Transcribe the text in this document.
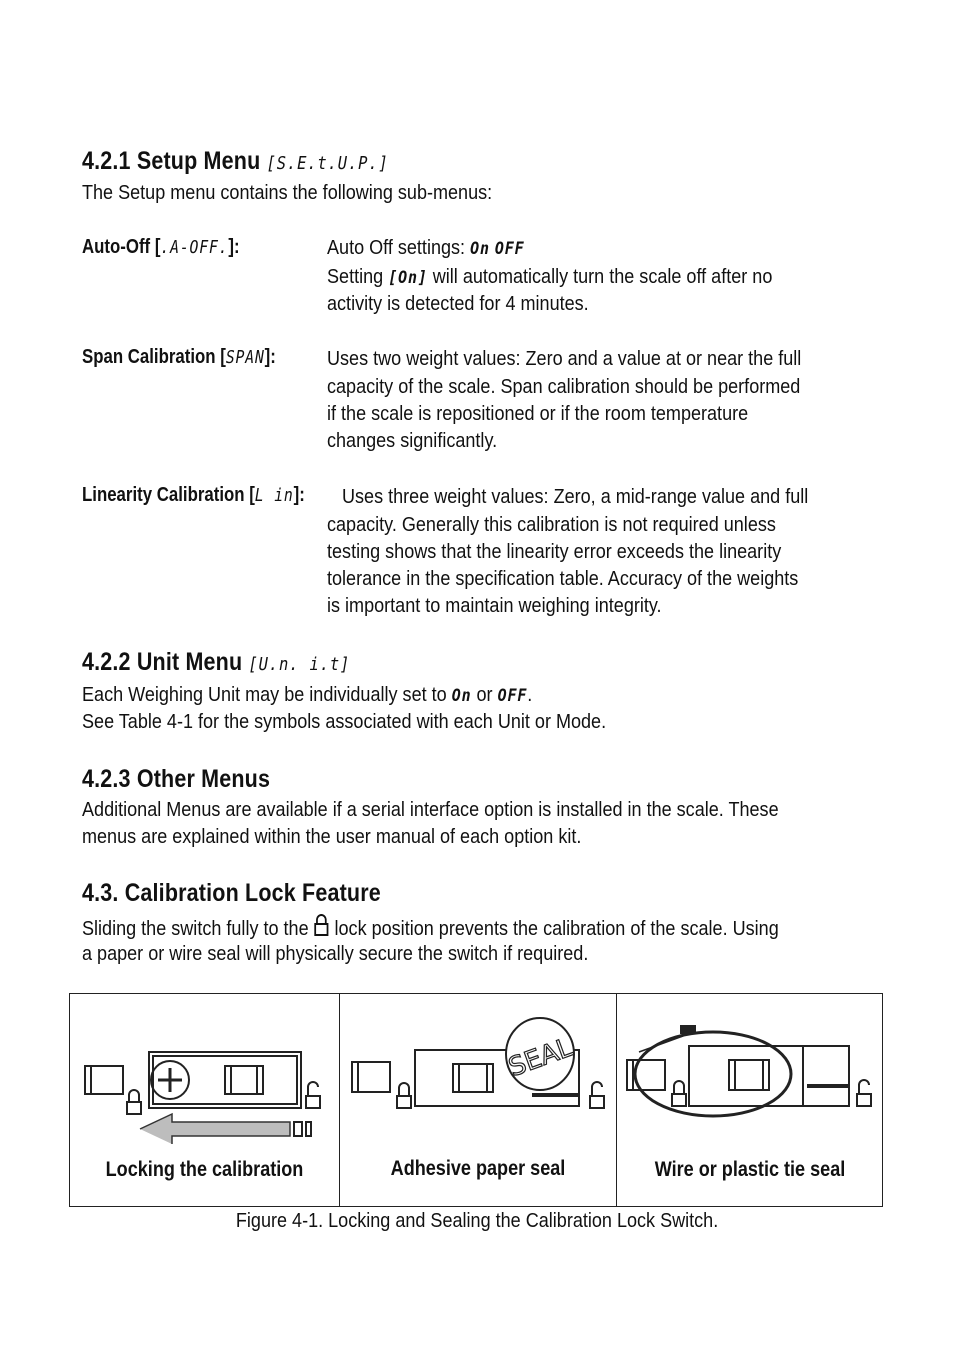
4.2.1 Setup Menu [S.E.t.U.P.]
The Setup menu contains the following sub-menus:
Auto-Off [.A-OFF.]:	Auto Off settings: On OFF
Setting [On] will automatically turn the scale off after no
activity is detected for 4 minutes.
Span Calibration [SPAN]: Uses two weight values: Zero and a value at or near the full
capacity of the scale. Span calibration should be performed
if the scale is repositioned or if the room temperature
changes significantly.
Linearity Calibration [L in]: Uses three weight values: Zero, a mid-range value and full
capacity. Generally this calibration is not required unless
testing shows that the linearity error exceeds the linearity
tolerance in the specification table. Accuracy of the weights
is important to maintain weighing integrity.
4.2.2 Unit Menu [U.n. i.t]
Each Weighing Unit may be individually set to On or OFF.
See Table 4-1 for the symbols associated with each Unit or Mode.
4.2.3 Other Menus
Additional Menus are available if a serial interface option is installed in the scale. These
menus are explained within the user manual of each option kit.
4.3. Calibration Lock Feature
Sliding the switch fully to the lock position prevents the calibration of the scale. Using
a paper or wire seal will physically secure the switch if required.
Locking the calibration
SEAL
Adhesive paper seal	Wire or plastic tie seal
Figure 4-1. Locking and Sealing the Calibration Lock Switch.
